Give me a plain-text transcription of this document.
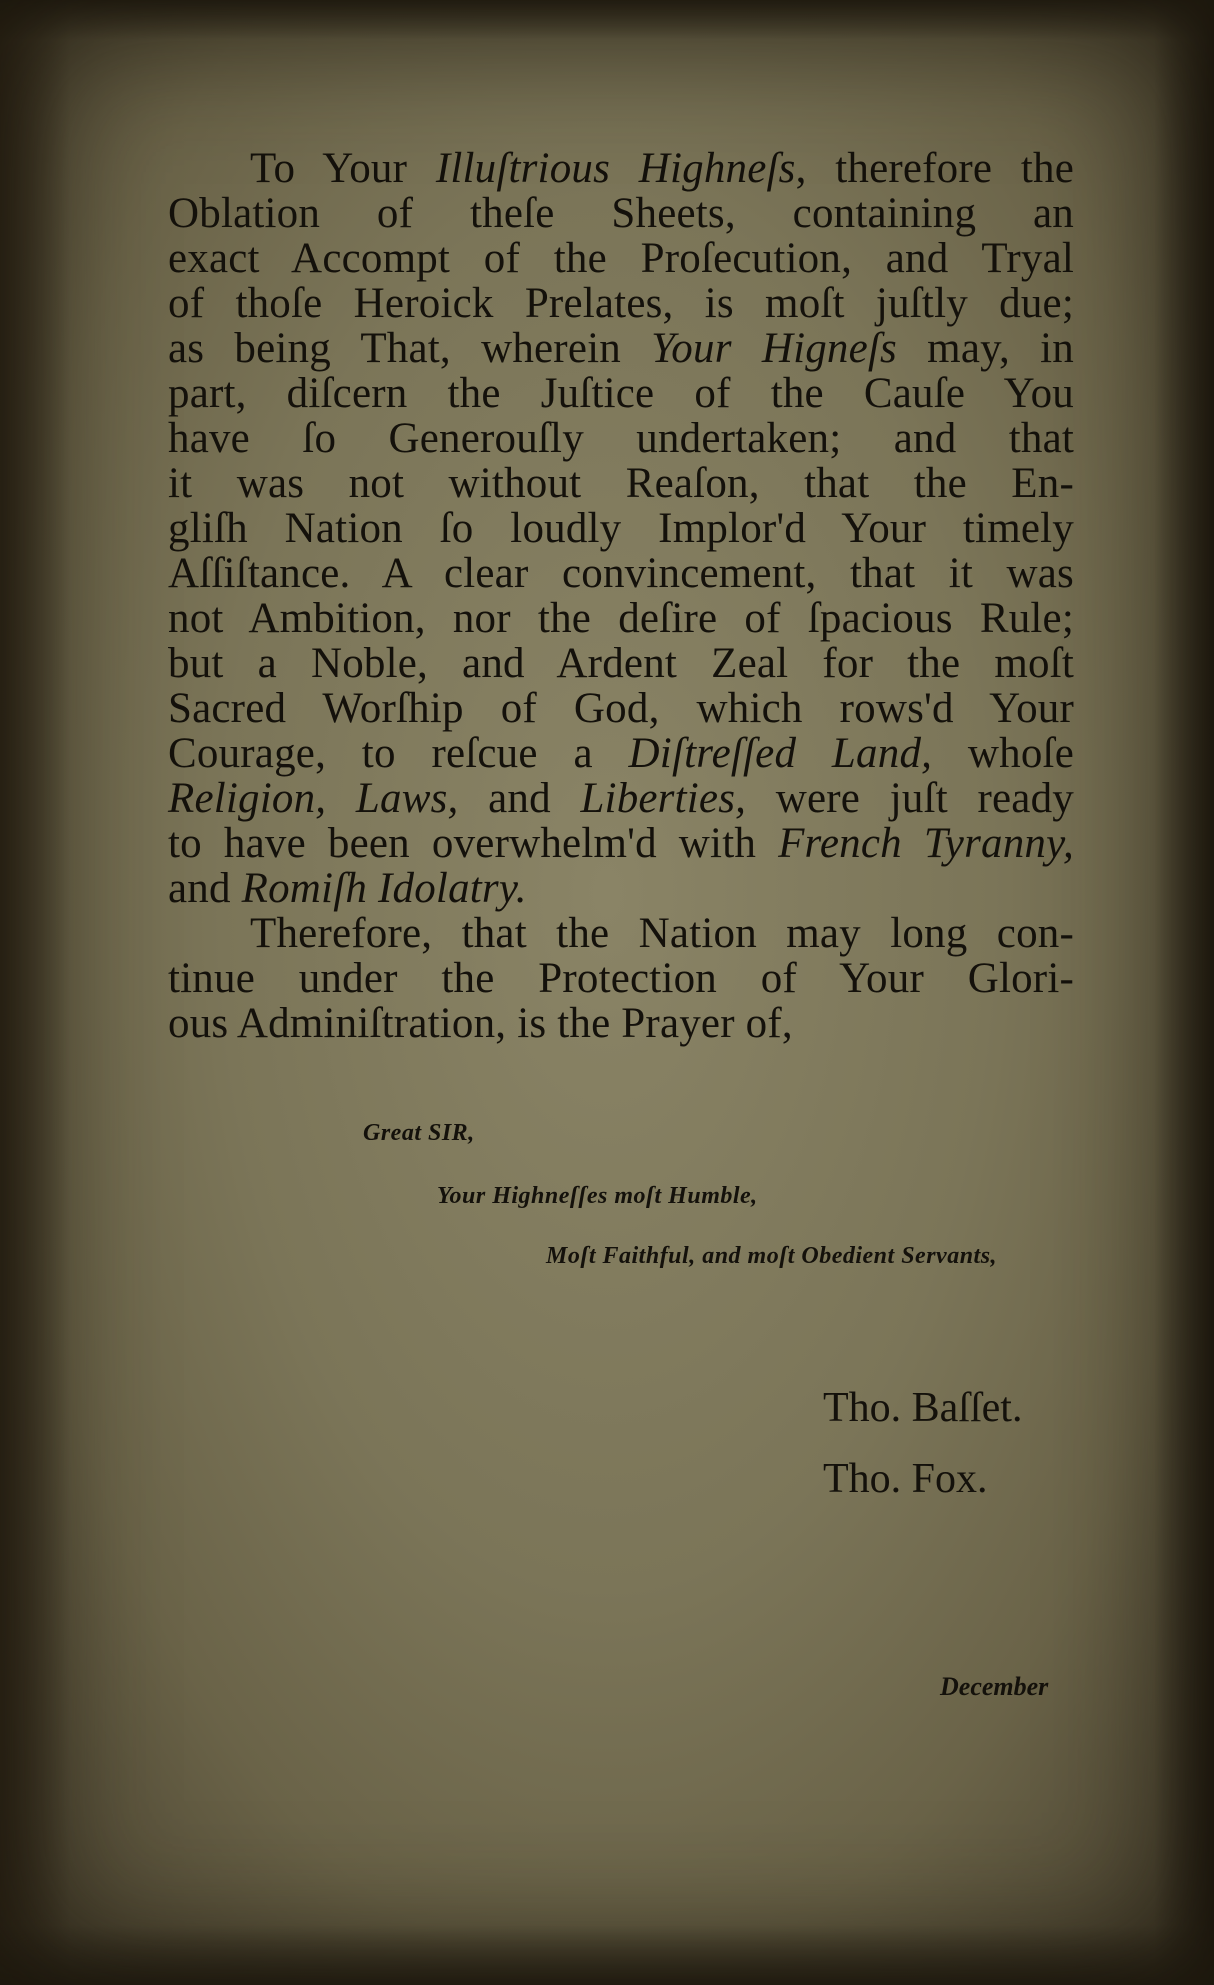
To Your Illuſtrious Highneſs, therefore the
Oblation of theſe Sheets, containing an
exact Accompt of the Proſecution, and Tryal
of thoſe Heroick Prelates, is moſt juſtly due;
as being That, wherein Your Higneſs may, in
part, diſcern the Juſtice of the Cauſe You
have ſo Generouſly undertaken; and that
it was not without Reaſon, that the En-
gliſh Nation ſo loudly Implor'd Your timely
Aſſiſtance. A clear convincement, that it was
not Ambition, nor the deſire of ſpacious Rule;
but a Noble, and Ardent Zeal for the moſt
Sacred Worſhip of God, which rows'd Your
Courage, to reſcue a Diſtreſſed Land, whoſe
Religion, Laws, and Liberties, were juſt ready
to have been overwhelm'd with French Tyranny,
and Romiſh Idolatry.
Therefore, that the Nation may long con-
tinue under the Protection of Your Glori-
ous Adminiſtration, is the Prayer of,
Great SIR,
Your Highneſſes moſt Humble,
Moſt Faithful, and moſt Obedient Servants,
Tho. Baſſet.
Tho. Fox.
December
